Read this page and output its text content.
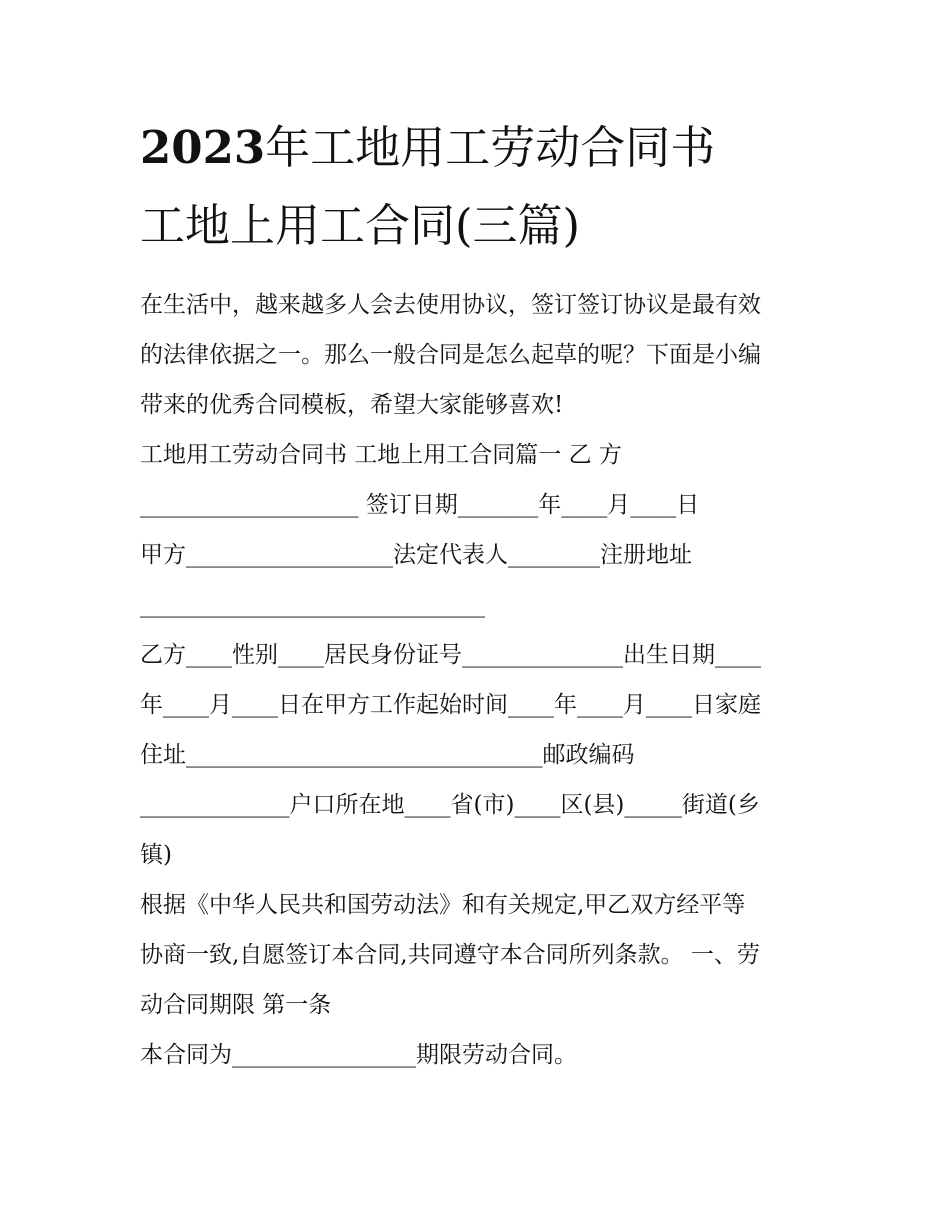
2023年工地用工劳动合同书
工地上用工合同(三篇)
在生活中，越来越多人会去使用协议，签订签订协议是最有效
的法律依据之一。那么一般合同是怎么起草的呢？下面是小编
带来的优秀合同模板，希望大家能够喜欢!
工地用工劳动合同书 工地上用工合同篇一 乙 方
___________________ 签订日期_______年____月____日
甲方__________________法定代表人________注册地址
______________________________
乙方____性别____居民身份证号______________出生日期____
年____月____日在甲方工作起始时间____年____月____日家庭
住址_______________________________邮政编码
_____________户口所在地____省(市)____区(县)_____街道(乡
镇)
根据《中华人民共和国劳动法》和有关规定,甲乙双方经平等
协商一致,自愿签订本合同,共同遵守本合同所列条款。 一、劳
动合同期限 第一条
本合同为________________期限劳动合同。
